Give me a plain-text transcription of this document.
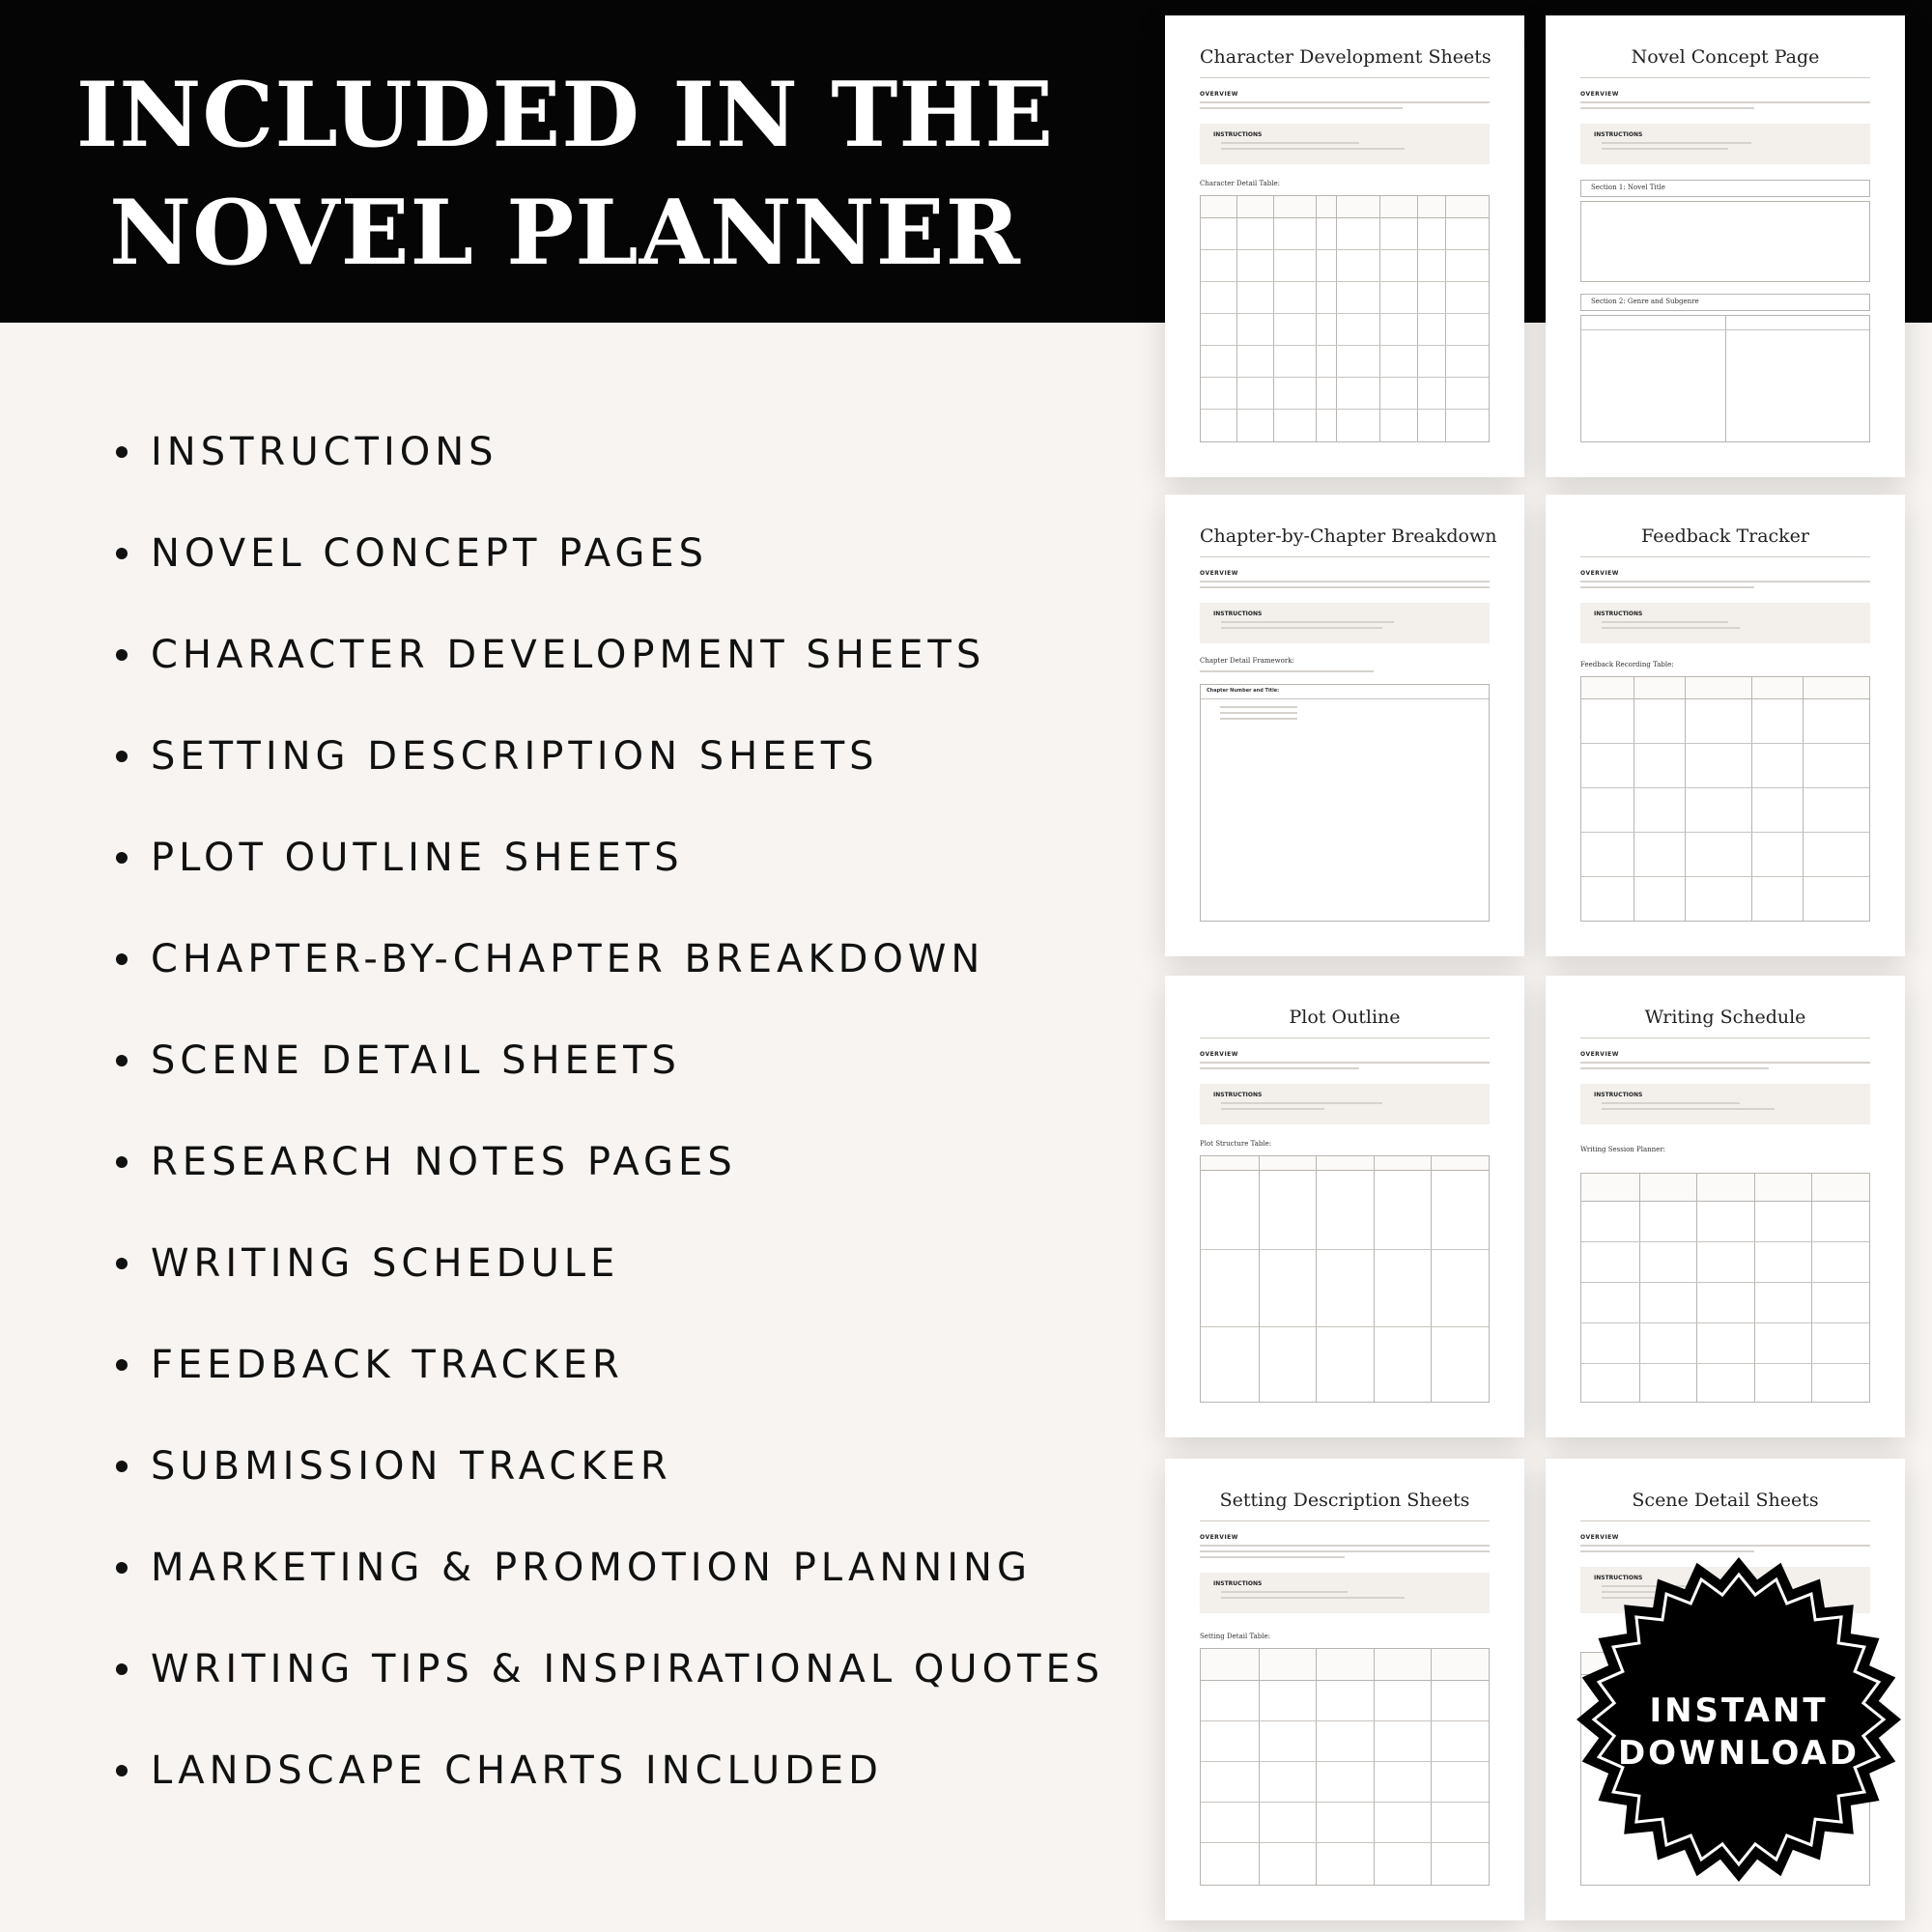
INCLUDED IN THE
NOVEL PLANNER
INSTRUCTIONS
NOVEL CONCEPT PAGES
CHARACTER DEVELOPMENT SHEETS
SETTING DESCRIPTION SHEETS
PLOT OUTLINE SHEETS
CHAPTER-BY-CHAPTER BREAKDOWN
SCENE DETAIL SHEETS
RESEARCH NOTES PAGES
WRITING SCHEDULE
FEEDBACK TRACKER
SUBMISSION TRACKER
MARKETING & PROMOTION PLANNING
WRITING TIPS & INSPIRATIONAL QUOTES
LANDSCAPE CHARTS INCLUDED
Character Development Sheets
OVERVIEW
INSTRUCTIONS
Character Detail Table:
Novel Concept Page
OVERVIEW
INSTRUCTIONS
Section 1: Novel Title
Section 2: Genre and Subgenre
Chapter-by-Chapter Breakdown
OVERVIEW
INSTRUCTIONS
Chapter Detail Framework:
Chapter Number and Title:
Feedback Tracker
OVERVIEW
INSTRUCTIONS
Feedback Recording Table:
Plot Outline
OVERVIEW
INSTRUCTIONS
Plot Structure Table:
Writing Schedule
OVERVIEW
INSTRUCTIONS
Writing Session Planner:
Setting Description Sheets
OVERVIEW
INSTRUCTIONS
Setting Detail Table:
Scene Detail Sheets
OVERVIEW
INSTRUCTIONS
INSTANT
DOWNLOAD
